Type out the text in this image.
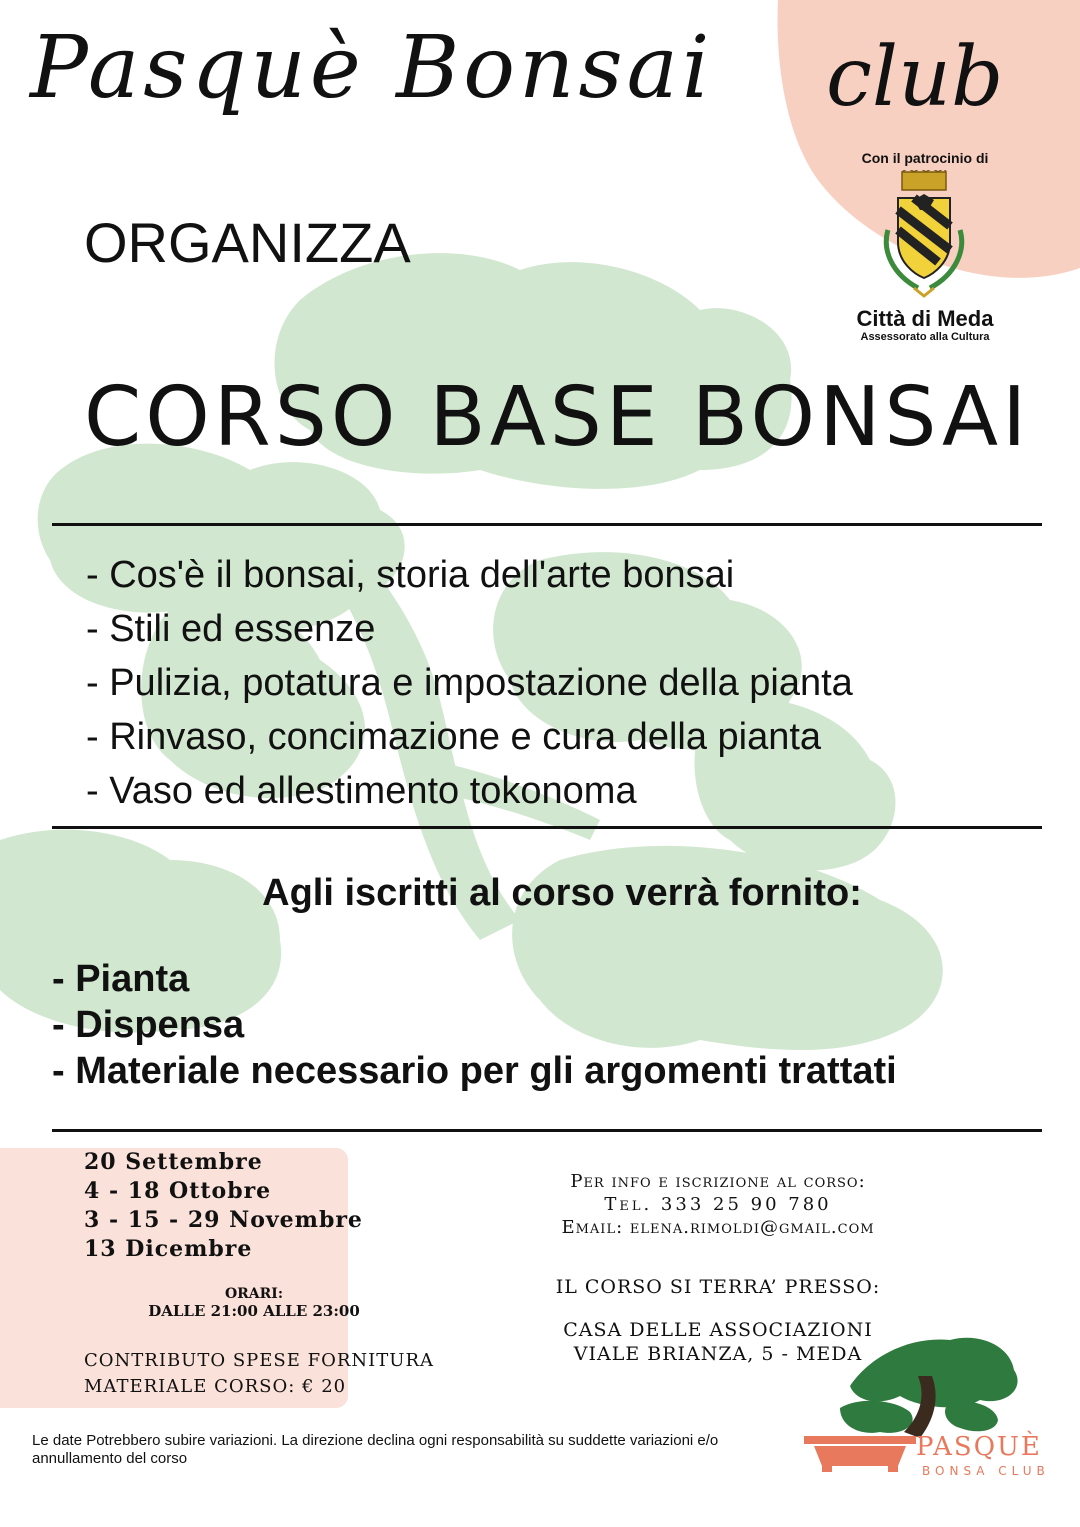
Pasquè Bonsai club
Con il patrocinio di
Città di Meda
Assessorato alla Cultura
ORGANIZZA
CORSO BASE BONSAI
- Cos'è il bonsai, storia dell'arte bonsai
- Stili ed essenze
- Pulizia, potatura e impostazione della pianta
- Rinvaso, concimazione e cura della pianta
- Vaso ed allestimento tokonoma
Agli iscritti al corso verrà fornito:
- Pianta
- Dispensa
- Materiale necessario per gli argomenti trattati
20 Settembre
4 - 18 Ottobre
3 - 15 - 29 Novembre
13 Dicembre
ORARI:
DALLE 21:00 ALLE 23:00
CONTRIBUTO SPESE FORNITURA
MATERIALE CORSO: € 20
Per info e iscrizione al corso:
Tel. 333 25 90 780
Email: elena.rimoldi@gmail.com
IL CORSO SI TERRA’ PRESSO:
CASA DELLE ASSOCIAZIONI
VIALE BRIANZA, 5 - MEDA
Le date Potrebbero subire variazioni. La direzione declina ogni responsabilità su suddette variazioni e/o annullamento del corso	PASQUÈ
BONSA CLUB
